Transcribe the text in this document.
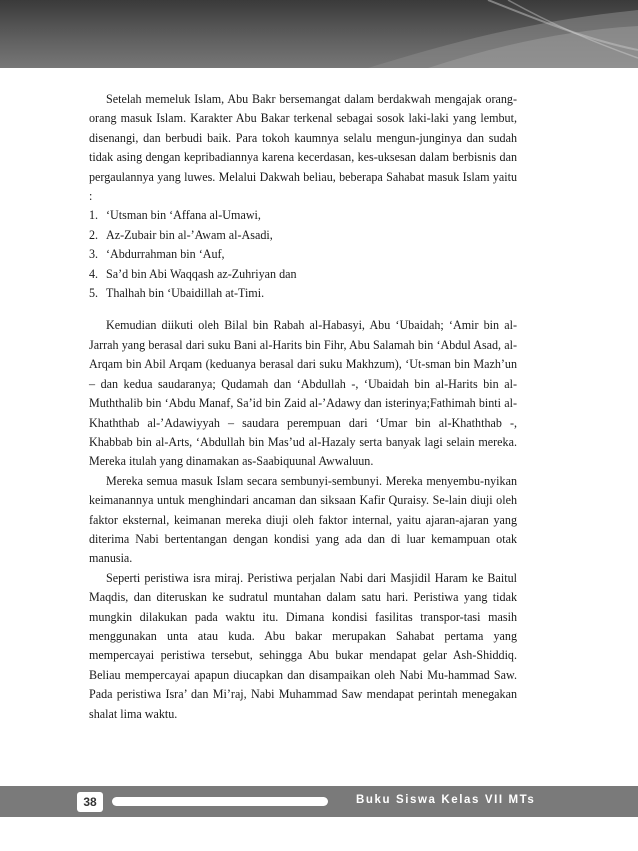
Setelah memeluk Islam, Abu Bakr bersemangat dalam berdakwah mengajak orang-orang masuk Islam. Karakter Abu Bakar terkenal sebagai sosok laki-laki yang lembut, disenangi, dan berbudi baik. Para tokoh kaumnya selalu mengun-junginya dan sudah tidak asing dengan kepribadiannya karena kecerdasan, kes-uksesan dalam berbisnis dan pergaulannya yang luwes. Melalui Dakwah beliau, beberapa Sahabat masuk Islam yaitu :

1. ‘Utsman bin ‘Affana al-Umawi,
2. Az-Zubair bin al-’Awam al-Asadi,
3. ‘Abdurrahman bin ‘Auf,
4. Sa’d bin Abi Waqqash az-Zuhriyan dan
5. Thalhah bin ‘Ubaidillah at-Timi.

Kemudian diikuti oleh Bilal bin Rabah al-Habasyi, Abu ‘Ubaidah; ‘Amir bin al-Jarrah yang berasal dari suku Bani al-Harits bin Fihr, Abu Salamah bin ‘Abdul Asad, al-Arqam bin Abil Arqam (keduanya berasal dari suku Makhzum), ‘Ut-sman bin Mazh’un – dan kedua saudaranya; Qudamah dan ‘Abdullah -, ‘Ubaidah bin al-Harits bin al-Muththalib bin ‘Abdu Manaf, Sa’id bin Zaid al-’Adawy dan isterinya;Fathimah binti al-Khaththab al-’Adawiyyah – saudara perempuan dari ‘Umar bin al-Khaththab -, Khabbab bin al-Arts, ‘Abdullah bin Mas’ud al-Hazaly serta banyak lagi selain mereka. Mereka itulah yang dinamakan as-Saabiquunal Awwaluun.

Mereka semua masuk Islam secara sembunyi-sembunyi. Mereka menyembu-nyikan keimanannya untuk menghindari ancaman dan siksaan Kafir Quraisy. Se-lain diuji oleh faktor eksternal, keimanan mereka diuji oleh faktor internal, yaitu ajaran-ajaran yang diterima Nabi bertentangan dengan kondisi yang ada dan di luar kemampuan otak manusia.

Seperti peristiwa isra miraj. Peristiwa perjalan Nabi dari Masjidil Haram ke Baitul Maqdis, dan diteruskan ke sudratul muntahan dalam satu hari. Peristiwa yang tidak mungkin dilakukan pada waktu itu. Dimana kondisi fasilitas transpor-tasi masih menggunakan unta atau kuda. Abu bakar merupakan Sahabat pertama yang mempercayai peristiwa tersebut, sehingga Abu bukar mendapat gelar Ash-Shiddiq. Beliau mempercayai apapun diucapkan dan disampaikan oleh Nabi Mu-hammad Saw. Pada peristiwa Isra’ dan Mi’raj, Nabi Muhammad Saw mendapat perintah menegakan shalat lima waktu.

38	Buku Siswa Kelas VII MTs
